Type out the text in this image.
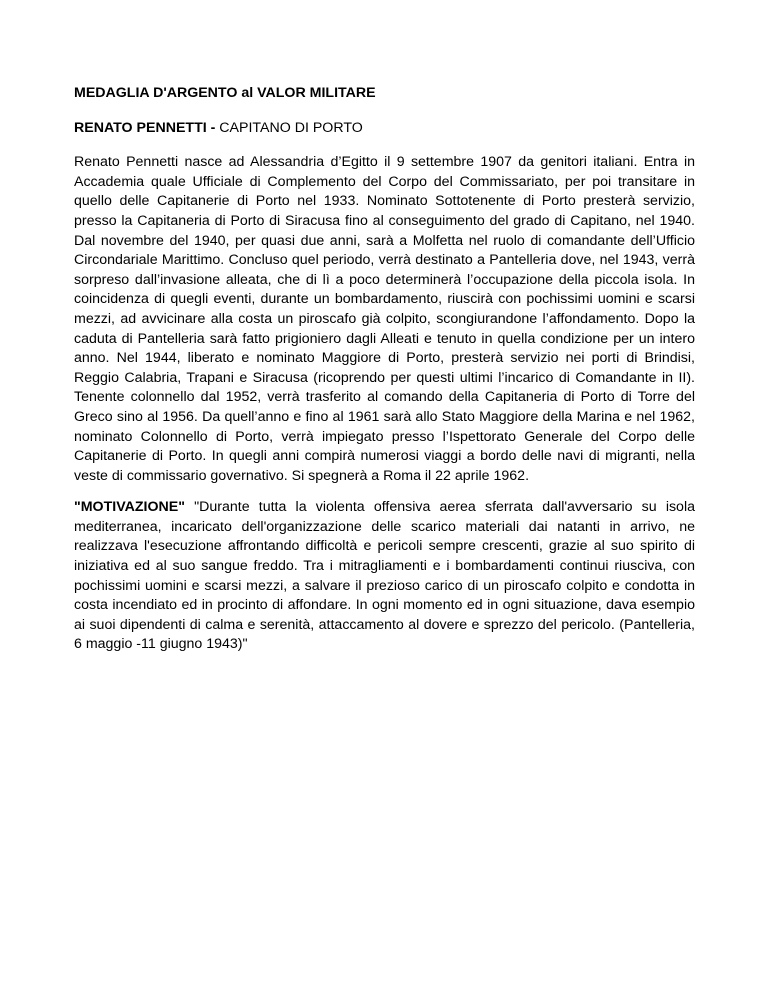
MEDAGLIA D'ARGENTO al VALOR MILITARE

RENATO PENNETTI - CAPITANO DI PORTO

Renato Pennetti nasce ad Alessandria d’Egitto il 9 settembre 1907 da genitori italiani. Entra in Accademia quale Ufficiale di Complemento del Corpo del Commissariato, per poi transitare in quello delle Capitanerie di Porto nel 1933. Nominato Sottotenente di Porto presterà servizio, presso la Capitaneria di Porto di Siracusa fino al conseguimento del grado di Capitano, nel 1940. Dal novembre del 1940, per quasi due anni, sarà a Molfetta nel ruolo di comandante dell’Ufficio Circondariale Marittimo. Concluso quel periodo, verrà destinato a Pantelleria dove, nel 1943, verrà sorpreso dall’invasione alleata, che di lì a poco determinerà l’occupazione della piccola isola. In coincidenza di quegli eventi, durante un bombardamento, riuscirà con pochissimi uomini e scarsi mezzi, ad avvicinare alla costa un piroscafo già colpito, scongiurandone l’affondamento. Dopo la caduta di Pantelleria sarà fatto prigioniero dagli Alleati e tenuto in quella condizione per un intero anno. Nel 1944, liberato e nominato Maggiore di Porto, presterà servizio nei porti di Brindisi, Reggio Calabria, Trapani e Siracusa (ricoprendo per questi ultimi l’incarico di Comandante in II). Tenente colonnello dal 1952, verrà trasferito al comando della Capitaneria di Porto di Torre del Greco sino al 1956. Da quell’anno e fino al 1961 sarà allo Stato Maggiore della Marina e nel 1962, nominato Colonnello di Porto, verrà impiegato presso l’Ispettorato Generale del Corpo delle Capitanerie di Porto. In quegli anni compirà numerosi viaggi a bordo delle navi di migranti, nella veste di commissario governativo. Si spegnerà a Roma il 22 aprile 1962.

"MOTIVAZIONE" "Durante tutta la violenta offensiva aerea sferrata dall'avversario su isola mediterranea, incaricato dell'organizzazione delle scarico materiali dai natanti in arrivo, ne realizzava l'esecuzione affrontando difficoltà e pericoli sempre crescenti, grazie al suo spirito di iniziativa ed al suo sangue freddo. Tra i mitragliamenti e i bombardamenti continui riusciva, con pochissimi uomini e scarsi mezzi, a salvare il prezioso carico di un piroscafo colpito e condotta in costa incendiato ed in procinto di affondare. In ogni momento ed in ogni situazione, dava esempio ai suoi dipendenti di calma e serenità, attaccamento al dovere e sprezzo del pericolo. (Pantelleria, 6 maggio -11 giugno 1943)"
